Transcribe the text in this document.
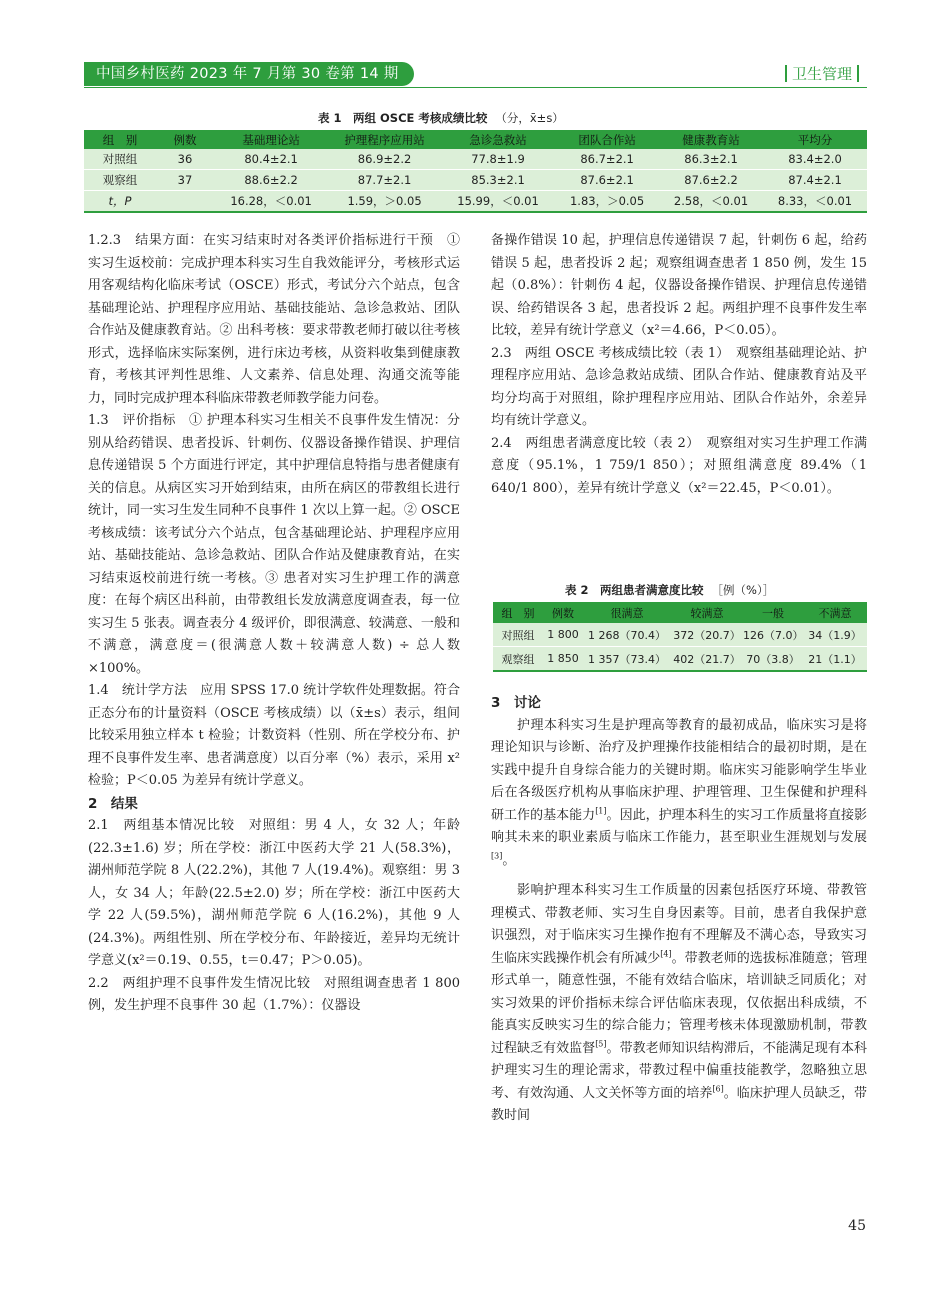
中国乡村医药 2023 年 7 月第 30 卷第 14 期	卫生管理
表 1　两组 OSCE 考核成绩比较 （分，x̄±s）
组　别	例数	基础理论站	护理程序应用站	急诊急救站	团队合作站	健康教育站	平均分
对照组	36	80.4±2.1	86.9±2.2	77.8±1.9	86.7±2.1	86.3±2.1	83.4±2.0
观察组	37	88.6±2.2	87.7±2.1	85.3±2.1	87.6±2.1	87.6±2.2	87.4±2.1
t，P		16.28，＜0.01	1.59，＞0.05	15.99，＜0.01	1.83，＞0.05	2.58，＜0.01	8.33，＜0.01

1.2.3　结果方面：在实习结束时对各类评价指标进行干预　① 实习生返校前：完成护理本科实习生自我效能评分，考核形式运用客观结构化临床考试（OSCE）形式，考试分六个站点，包含基础理论站、护理程序应用站、基础技能站、急诊急救站、团队合作站及健康教育站。② 出科考核：要求带教老师打破以往考核形式，选择临床实际案例，进行床边考核，从资料收集到健康教育，考核其评判性思维、人文素养、信息处理、沟通交流等能力，同时完成护理本科临床带教老师教学能力问卷。

1.3　评价指标　① 护理本科实习生相关不良事件发生情况：分别从给药错误、患者投诉、针刺伤、仪器设备操作错误、护理信息传递错误 5 个方面进行评定，其中护理信息特指与患者健康有关的信息。从病区实习开始到结束，由所在病区的带教组长进行统计，同一实习生发生同种不良事件 1 次以上算一起。② OSCE 考核成绩：该考试分六个站点，包含基础理论站、护理程序应用站、基础技能站、急诊急救站、团队合作站及健康教育站，在实习结束返校前进行统一考核。③ 患者对实习生护理工作的满意度：在每个病区出科前，由带教组长发放满意度调查表，每一位实习生 5 张表。调查表分 4 级评价，即很满意、较满意、一般和不满意，满意度＝(很满意人数＋较满意人数) ÷ 总人数 ×100%。

1.4　统计学方法　应用 SPSS 17.0 统计学软件处理数据。符合正态分布的计量资料（OSCE 考核成绩）以（x̄±s）表示，组间比较采用独立样本 t 检验；计数资料（性别、所在学校分布、护理不良事件发生率、患者满意度）以百分率（%）表示，采用 x² 检验；P＜0.05 为差异有统计学意义。

2　结果

2.1　两组基本情况比较　对照组：男 4 人，女 32 人；年龄(22.3±1.6) 岁；所在学校：浙江中医药大学 21 人(58.3%)，湖州师范学院 8 人(22.2%)，其他 7 人(19.4%)。观察组：男 3 人，女 34 人；年龄(22.5±2.0) 岁；所在学校：浙江中医药大学 22 人(59.5%)，湖州师范学院 6 人(16.2%)，其他 9 人(24.3%)。两组性别、所在学校分布、年龄接近，差异均无统计学意义(x²＝0.19、0.55，t＝0.47；P＞0.05)。

2.2　两组护理不良事件发生情况比较　对照组调查患者 1 800 例，发生护理不良事件 30 起（1.7%）：仪器设

备操作错误 10 起，护理信息传递错误 7 起，针刺伤 6 起，给药错误 5 起，患者投诉 2 起；观察组调查患者 1 850 例，发生 15 起（0.8%）：针刺伤 4 起，仪器设备操作错误、护理信息传递错误、给药错误各 3 起，患者投诉 2 起。两组护理不良事件发生率比较，差异有统计学意义（x²＝4.66，P＜0.05）。

2.3　两组 OSCE 考核成绩比较（表 1）　观察组基础理论站、护理程序应用站、急诊急救站成绩、团队合作站、健康教育站及平均分均高于对照组，除护理程序应用站、团队合作站外，余差异均有统计学意义。

2.4　两组患者满意度比较（表 2）　观察组对实习生护理工作满意度（95.1%，1 759/1 850）；对照组满意度 89.4%（1 640/1 800），差异有统计学意义（x²＝22.45，P＜0.01）。

表 2　两组患者满意度比较 ［例（%）］
组　别	例数	很满意	较满意	一般	不满意
对照组	1 800	1 268（70.4）	372（20.7）	126（7.0）	34（1.9）
观察组	1 850	1 357（73.4）	402（21.7）	70（3.8）	21（1.1）

3　讨论

护理本科实习生是护理高等教育的最初成品，临床实习是将理论知识与诊断、治疗及护理操作技能相结合的最初时期，是在实践中提升自身综合能力的关键时期。临床实习能影响学生毕业后在各级医疗机构从事临床护理、护理管理、卫生保健和护理科研工作的基本能力[1]。因此，护理本科生的实习工作质量将直接影响其未来的职业素质与临床工作能力，甚至职业生涯规划与发展[3]。

影响护理本科实习生工作质量的因素包括医疗环境、带教管理模式、带教老师、实习生自身因素等。目前，患者自我保护意识强烈，对于临床实习生操作抱有不理解及不满心态，导致实习生临床实践操作机会有所减少[4]。带教老师的选拔标准随意；管理形式单一，随意性强，不能有效结合临床，培训缺乏同质化；对实习效果的评价指标未综合评估临床表现，仅依据出科成绩，不能真实反映实习生的综合能力；管理考核未体现激励机制，带教过程缺乏有效监督[5]。带教老师知识结构滞后，不能满足现有本科护理实习生的理论需求，带教过程中偏重技能教学，忽略独立思考、有效沟通、人文关怀等方面的培养[6]。临床护理人员缺乏，带教时间

45
